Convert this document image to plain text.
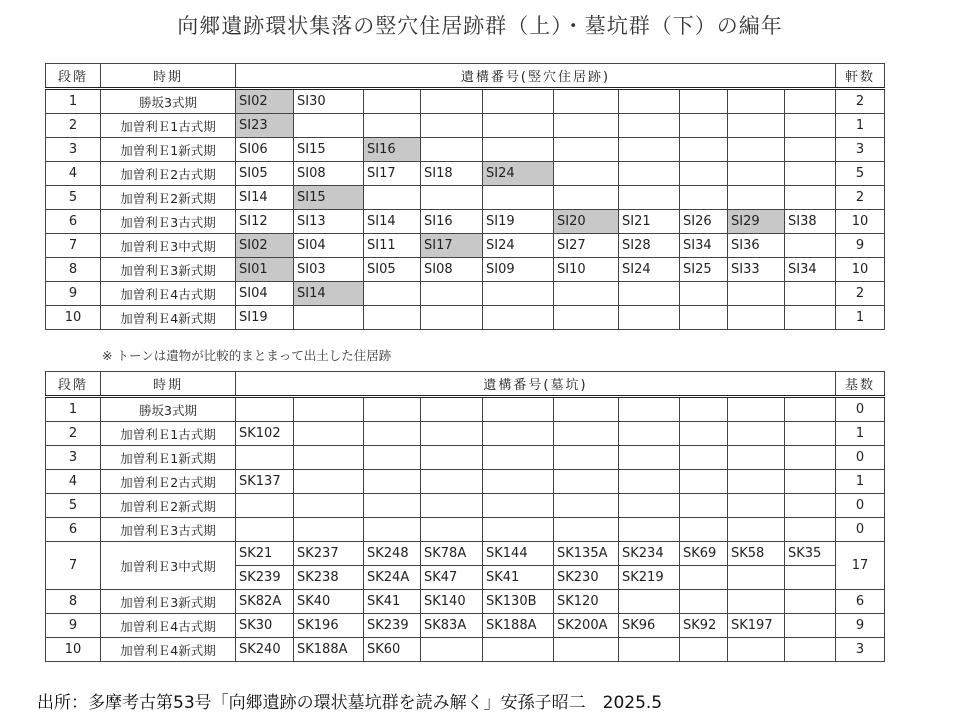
向郷遺跡環状集落の竪穴住居跡群（上）・墓坑群（下）の編年
段階	時期	遺構番号(竪穴住居跡)										軒数
1	勝坂3式期	SI02	SI30									2
2	加曽利Ｅ1古式期	SI23										1
3	加曽利Ｅ1新式期	SI06	SI15	SI16								3
4	加曽利Ｅ2古式期	SI05	SI08	SI17	SI18	SI24						5
5	加曽利Ｅ2新式期	SI14	SI15									2
6	加曽利Ｅ3古式期	SI12	SI13	SI14	SI16	SI19	SI20	SI21	SI26	SI29	SI38	10
7	加曽利Ｅ3中式期	SI02	SI04	SI11	SI17	SI24	SI27	SI28	SI34	SI36		9
8	加曽利Ｅ3新式期	SI01	SI03	SI05	SI08	SI09	SI10	SI24	SI25	SI33	SI34	10
9	加曽利Ｅ4古式期	SI04	SI14									2
10	加曽利Ｅ4新式期	SI19										1
※ トーンは遺物が比較的まとまって出土した住居跡
段階	時期	遺構番号(墓坑)										基数
1	勝坂3式期											0
2	加曽利Ｅ1古式期	SK102										1
3	加曽利Ｅ1新式期											0
4	加曽利Ｅ2古式期	SK137										1
5	加曽利Ｅ2新式期											0
6	加曽利Ｅ3古式期											0
7	加曽利Ｅ3中式期	SK21	SK237	SK248	SK78A	SK144	SK135A	SK234	SK69	SK58	SK35	17
		SK239	SK238	SK24A	SK47	SK41	SK230	SK219				
8	加曽利Ｅ3新式期	SK82A	SK40	SK41	SK140	SK130B	SK120					6
9	加曽利Ｅ4古式期	SK30	SK196	SK239	SK83A	SK188A	SK200A	SK96	SK92	SK197		9
10	加曽利Ｅ4新式期	SK240	SK188A	SK60								3
出所：多摩考古第53号「向郷遺跡の環状墓坑群を読み解く」安孫子昭二　2025.5
